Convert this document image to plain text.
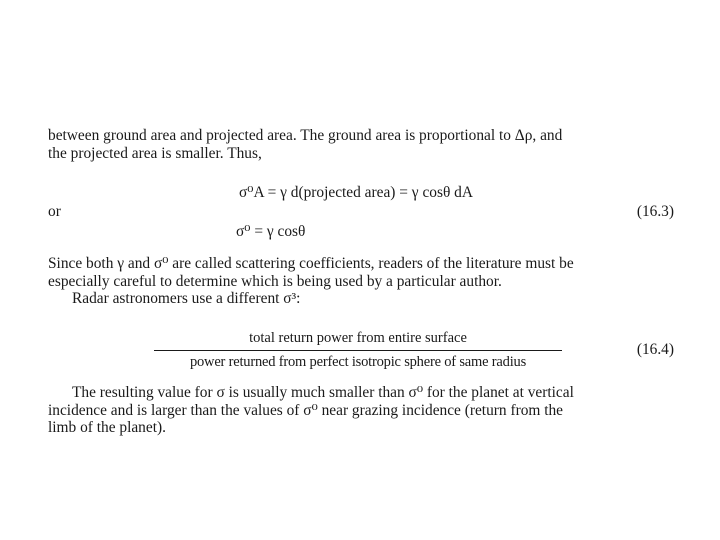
between ground area and projected area. The ground area is proportional to Δρ, and
the projected area is smaller. Thus,

σ⁰A = γ d(projected area) = γ cosθ dA
or	(16.3)
σ⁰ = γ cosθ

Since both γ and σ⁰ are called scattering coefficients, readers of the literature must be
especially careful to determine which is being used by a particular author.
Radar astronomers use a different σ³:

total return power from entire surface
power returned from perfect isotropic sphere of same radius
(16.4)

The resulting value for σ is usually much smaller than σ⁰ for the planet at vertical
incidence and is larger than the values of σ⁰ near grazing incidence (return from the
limb of the planet).
